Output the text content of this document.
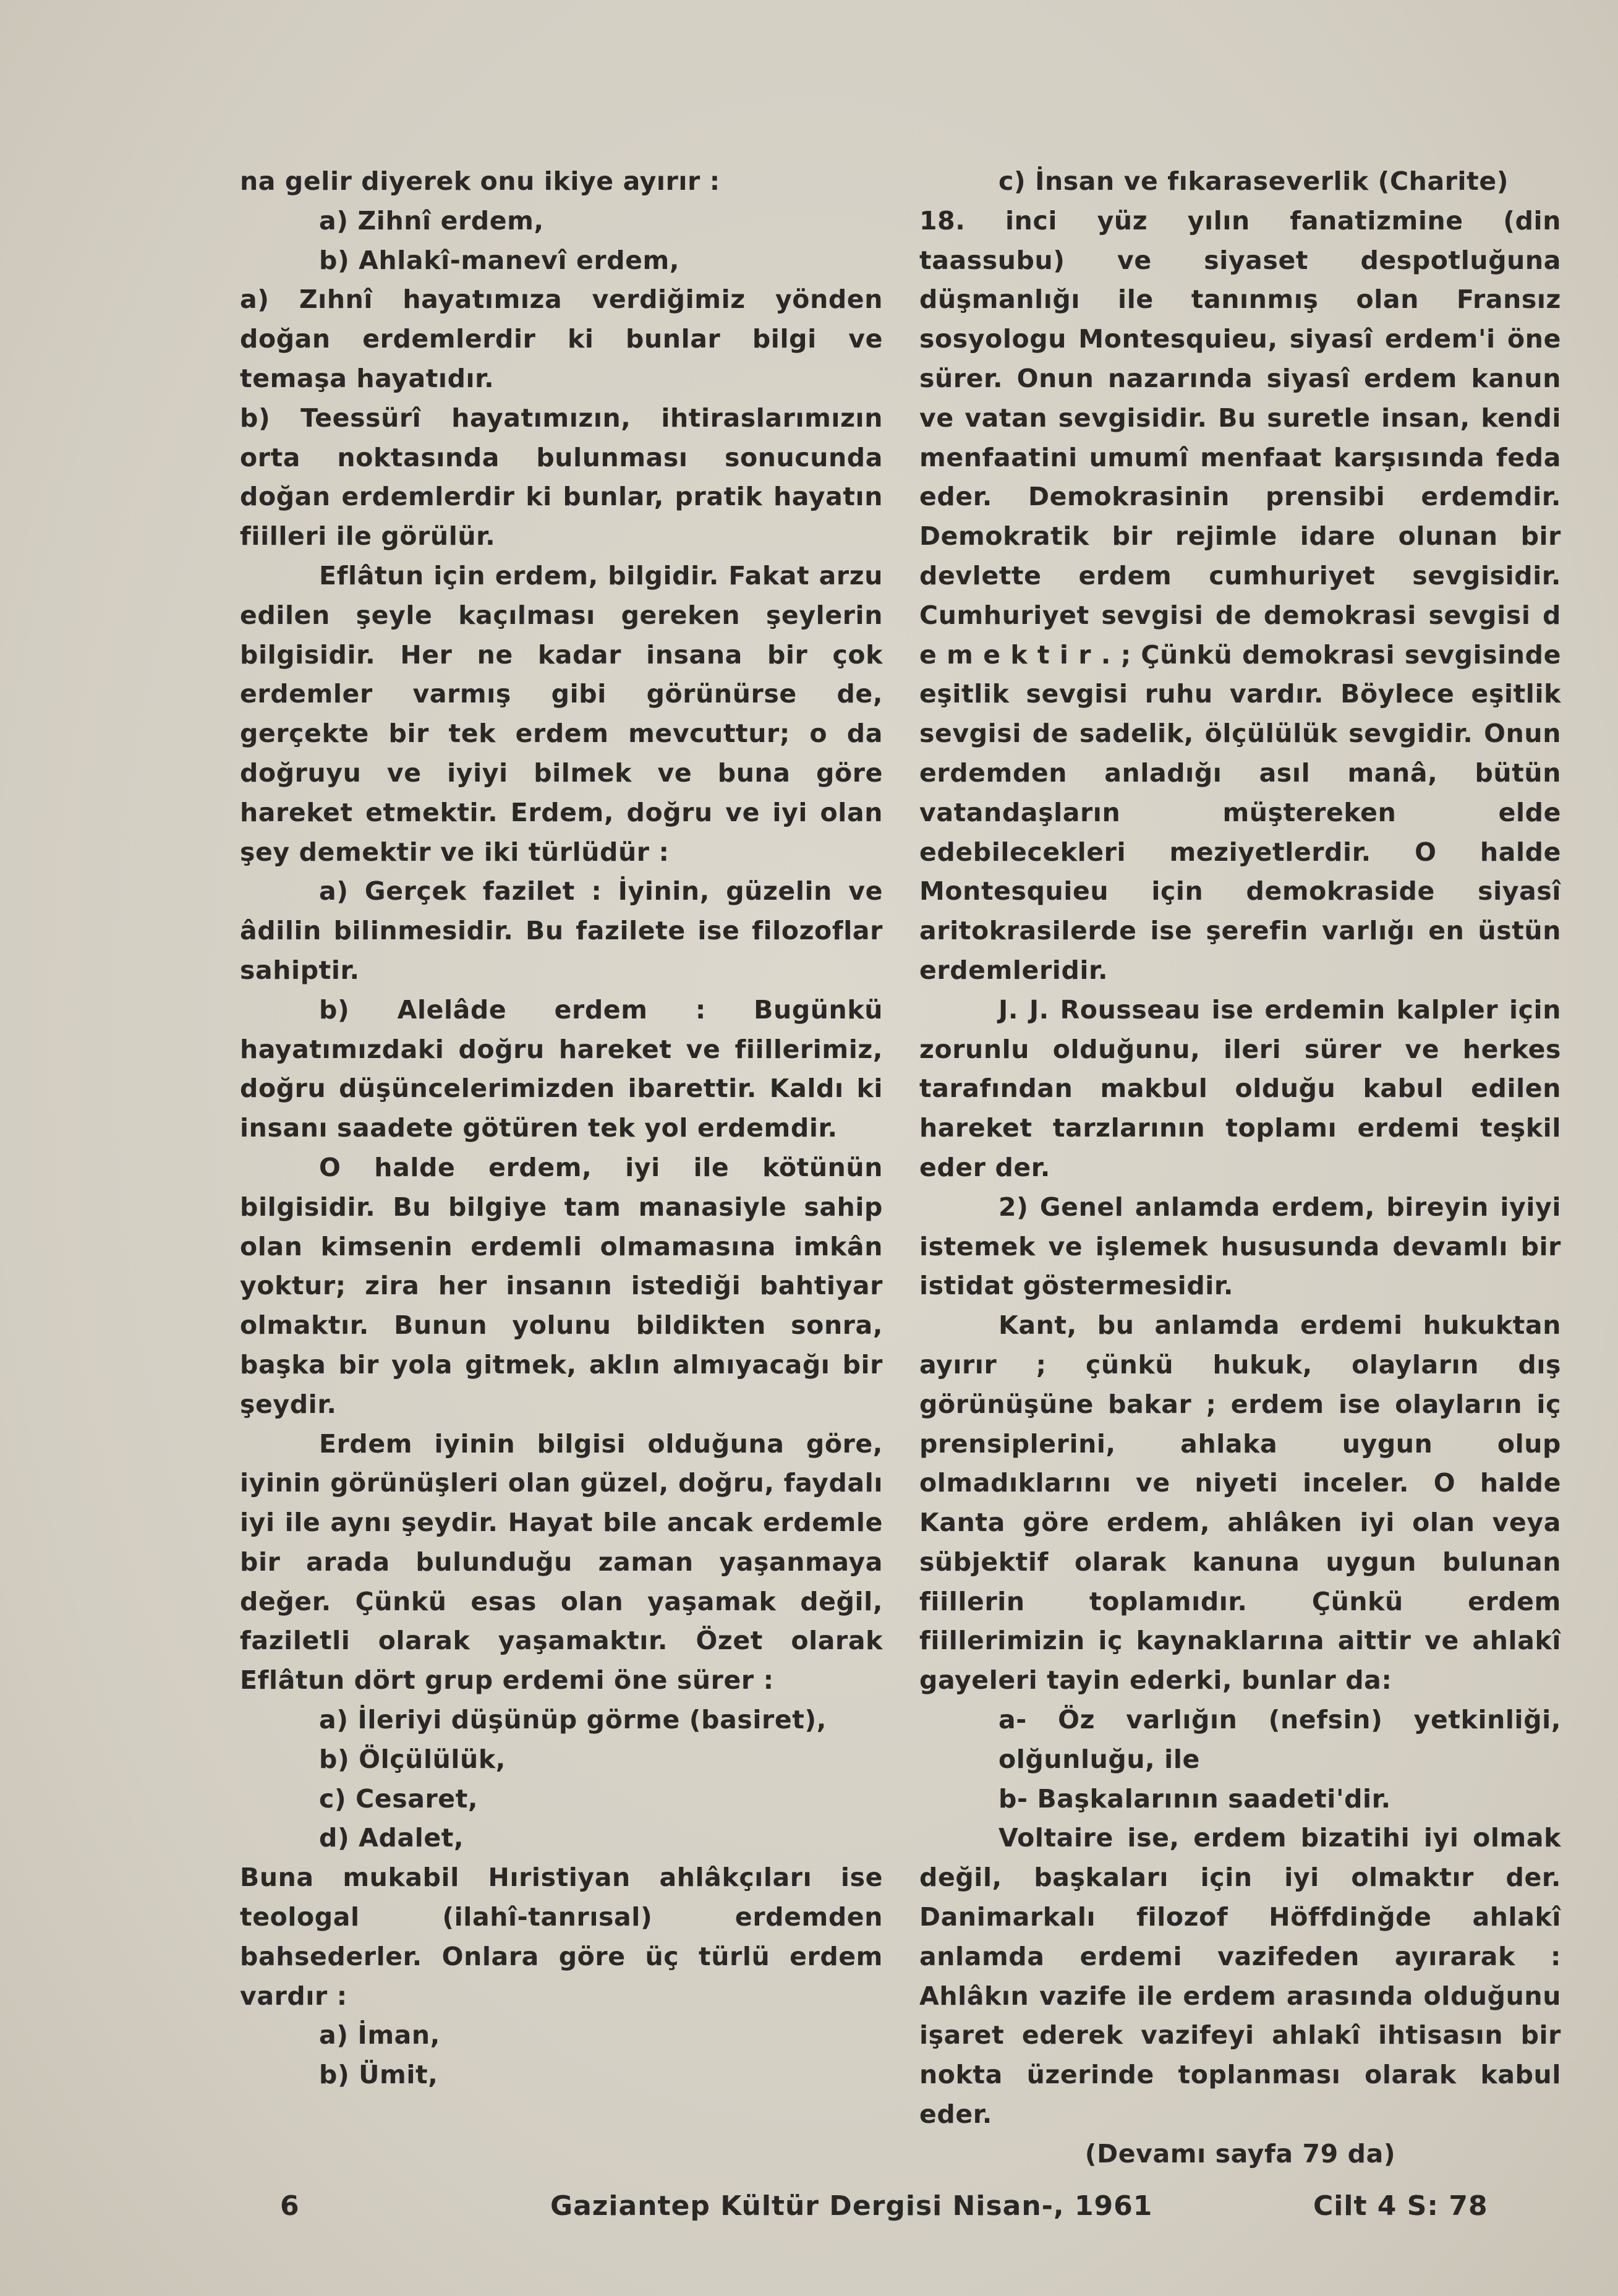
na gelir diyerek onu ikiye ayırır :

a) Zihnî erdem,

b) Ahlakî-manevî erdem,

a) Zıhnî hayatımıza verdiğimiz yönden doğan erdemlerdir ki bunlar bilgi ve temaşa hayatıdır.

b) Teessürî hayatımızın, ihtiraslarımızın orta noktasında bulunması sonucunda doğan erdemlerdir ki bunlar, pratik hayatın fiilleri ile görülür.

Eflâtun için erdem, bilgidir. Fakat arzu edilen şeyle kaçılması gereken şeylerin bilgisidir. Her ne kadar insana bir çok erdemler varmış gibi görünürse de, gerçekte bir tek erdem mevcuttur; o da doğruyu ve iyiyi bilmek ve buna göre hareket etmektir. Erdem, doğru ve iyi olan şey demektir ve iki türlüdür :

a) Gerçek fazilet : İyinin, güzelin ve âdilin bilinmesidir. Bu fazilete ise filozoflar sahiptir.

b) Alelâde erdem : Bugünkü hayatımızdaki doğru hareket ve fiillerimiz, doğru düşüncelerimizden ibarettir. Kaldı ki insanı saadete götüren tek yol erdemdir.

O halde erdem, iyi ile kötünün bilgisidir. Bu bilgiye tam manasiyle sahip olan kimsenin erdemli olmamasına imkân yoktur; zira her insanın istediği bahtiyar olmaktır. Bunun yolunu bildikten sonra, başka bir yola gitmek, aklın almıyacağı bir şeydir.

Erdem iyinin bilgisi olduğuna göre, iyinin görünüşleri olan güzel, doğru, faydalı iyi ile aynı şeydir. Hayat bile ancak erdemle bir arada bulunduğu zaman yaşanmaya değer. Çünkü esas olan yaşamak değil, faziletli olarak yaşamaktır. Özet olarak Eflâtun dört grup erdemi öne sürer :

a) İleriyi düşünüp görme (basiret),

b) Ölçülülük,

c) Cesaret,

d) Adalet,

Buna mukabil Hıristiyan ahlâkçıları ise teologal (ilahî-tanrısal) erdemden bahsederler. Onlara göre üç türlü erdem vardır :

a) İman,

b) Ümit,

c) İnsan ve fıkaraseverlik (Charite)

18. inci yüz yılın fanatizmine (din taassubu) ve siyaset despotluğuna düşmanlığı ile tanınmış olan Fransız sosyologu Montesquieu, siyasî erdem'i öne sürer. Onun nazarında siyasî erdem kanun ve vatan sevgisidir. Bu suretle insan, kendi menfaatini umumî menfaat karşısında feda eder. Demokrasinin prensibi erdemdir. Demokratik bir rejimle idare olunan bir devlette erdem cumhuriyet sevgisidir. Cumhuriyet sevgisi de demokrasi sevgisi d e m e k t i r . ; Çünkü demokrasi sevgisinde eşitlik sevgisi ruhu vardır. Böylece eşitlik sevgisi de sadelik, ölçülülük sevgidir. Onun erdemden anladığı asıl manâ, bütün vatandaşların müştereken elde edebilecekleri meziyetlerdir. O halde Montesquieu için demokraside siyasî aritokrasilerde ise şerefin varlığı en üstün erdemleridir.

J. J. Rousseau ise erdemin kalpler için zorunlu olduğunu, ileri sürer ve herkes tarafından makbul olduğu kabul edilen hareket tarzlarının toplamı erdemi teşkil eder der.

2) Genel anlamda erdem, bireyin iyiyi istemek ve işlemek hususunda devamlı bir istidat göstermesidir.

Kant, bu anlamda erdemi hukuktan ayırır ; çünkü hukuk, olayların dış görünüşüne bakar ; erdem ise olayların iç prensiplerini, ahlaka uygun olup olmadıklarını ve niyeti inceler. O halde Kanta göre erdem, ahlâken iyi olan veya sübjektif olarak kanuna uygun bulunan fiillerin toplamıdır. Çünkü erdem fiillerimizin iç kaynaklarına aittir ve ahlakî gayeleri tayin ederki, bunlar da:

a- Öz varlığın (nefsin) yetkinliği, olğunluğu, ile

b- Başkalarının saadeti'dir.

Voltaire ise, erdem bizatihi iyi olmak değil, başkaları için iyi olmaktır der. Danimarkalı filozof Höffdinğde ahlakî anlamda erdemi vazifeden ayırarak : Ahlâkın vazife ile erdem arasında olduğunu işaret ederek vazifeyi ahlakî ihtisasın bir nokta üzerinde toplanması olarak kabul eder.

(Devamı sayfa 79 da)

6	Gaziantep Kültür Dergisi Nisan-, 1961	Cilt 4 S: 78
